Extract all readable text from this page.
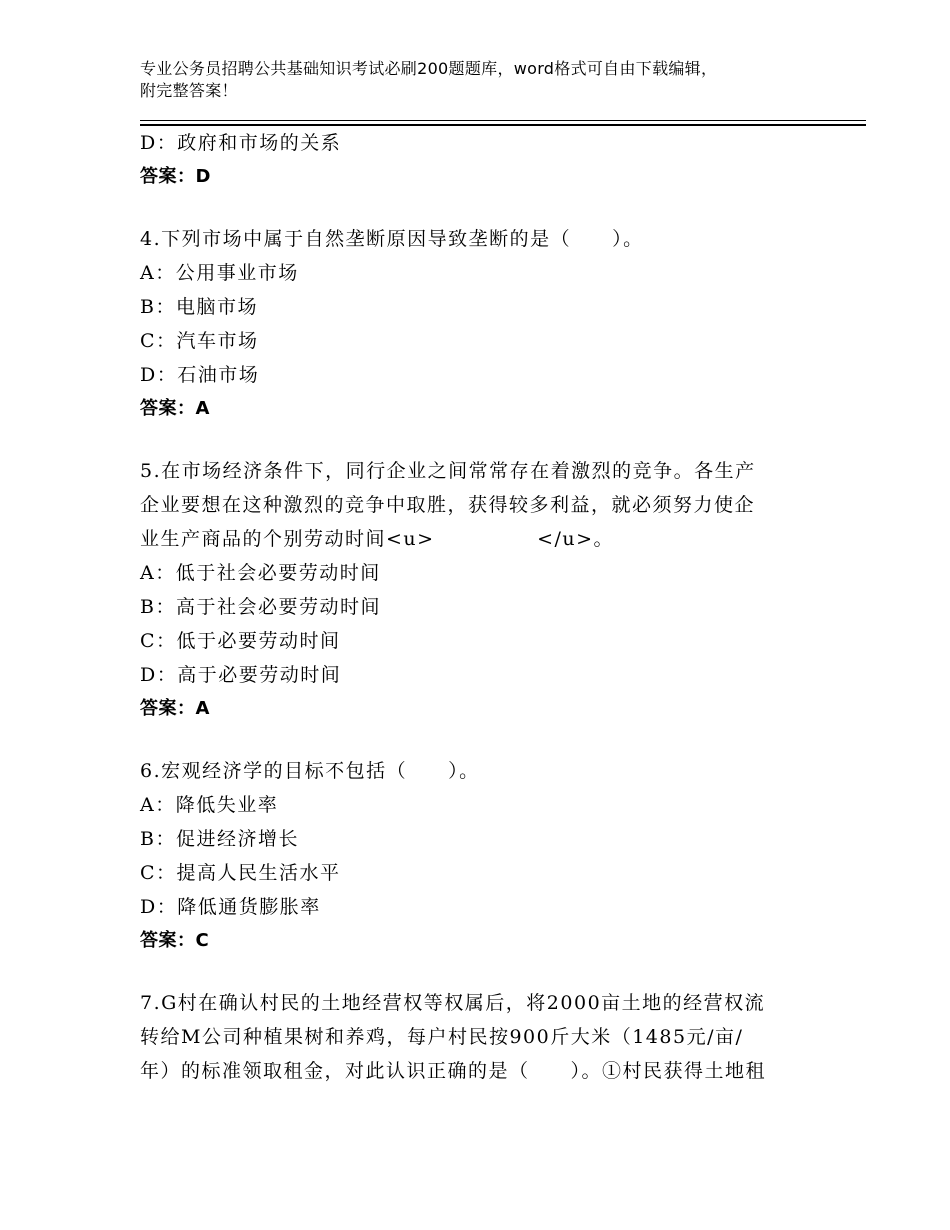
专业公务员招聘公共基础知识考试必刷200题题库，word格式可自由下载编辑，
附完整答案！
D：政府和市场的关系
答案：D
4.下列市场中属于自然垄断原因导致垄断的是（　　）。
A：公用事业市场
B：电脑市场
C：汽车市场
D：石油市场
答案：A
5.在市场经济条件下，同行企业之间常常存在着激烈的竞争。各生产
企业要想在这种激烈的竞争中取胜，获得较多利益，就必须努力使企
业生产商品的个别劳动时间<u>　　　　　</u>。
A：低于社会必要劳动时间
B：高于社会必要劳动时间
C：低于必要劳动时间
D：高于必要劳动时间
答案：A
6.宏观经济学的目标不包括（　　）。
A：降低失业率
B：促进经济增长
C：提高人民生活水平
D：降低通货膨胀率
答案：C
7.G村在确认村民的土地经营权等权属后，将2000亩土地的经营权流
转给M公司种植果树和养鸡，每户村民按900斤大米（1485元/亩/
年）的标准领取租金，对此认识正确的是（　　）。①村民获得土地租
